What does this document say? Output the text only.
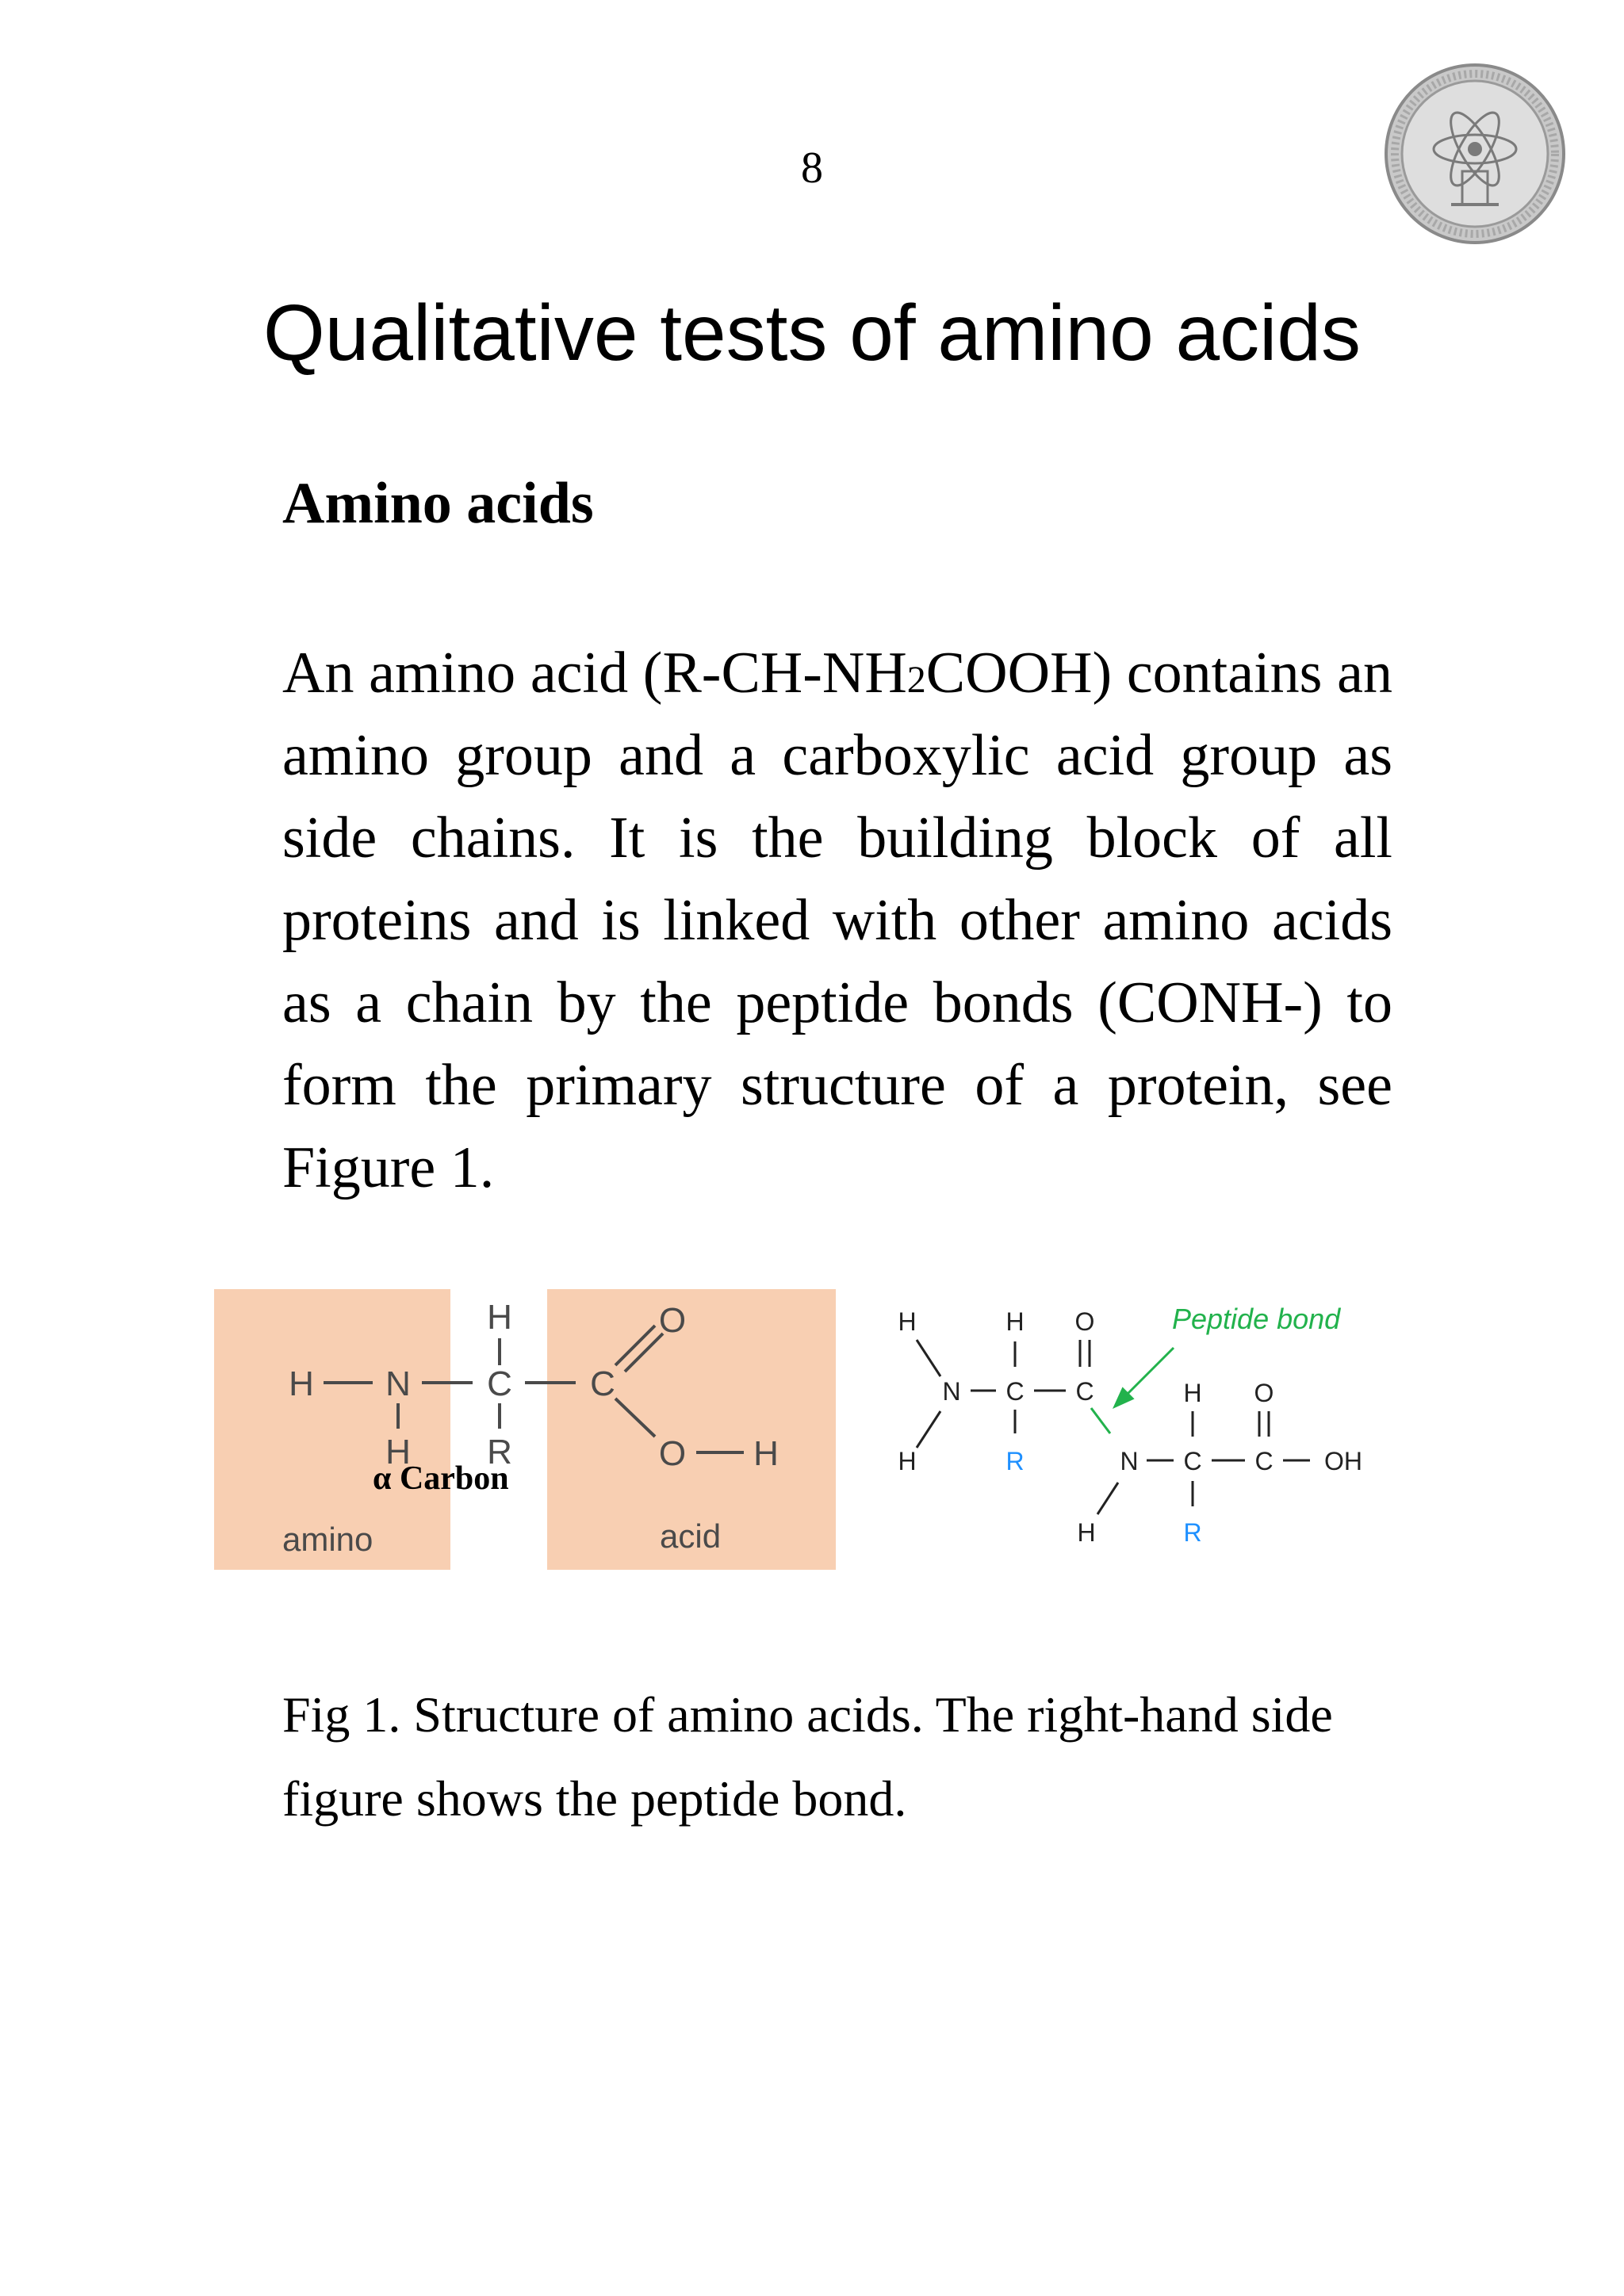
8
Qualitative tests of amino acids
Amino acids
An amino acid (R-CH-NH2COOH) contains an amino group and a carboxylic acid group as side chains. It is the building block of all proteins and is linked with other amino acids as a chain by the peptide bonds (CONH-) to form the primary structure of a protein, see Figure 1.
H
H N C C
O
O H
H R
amino	acid
α Carbon
H
H
N
H
C
O
C
N
H
H
C
O
C OH
R
R
Peptide bond
Fig 1. Structure of amino acids. The right-hand side figure shows the peptide bond.
